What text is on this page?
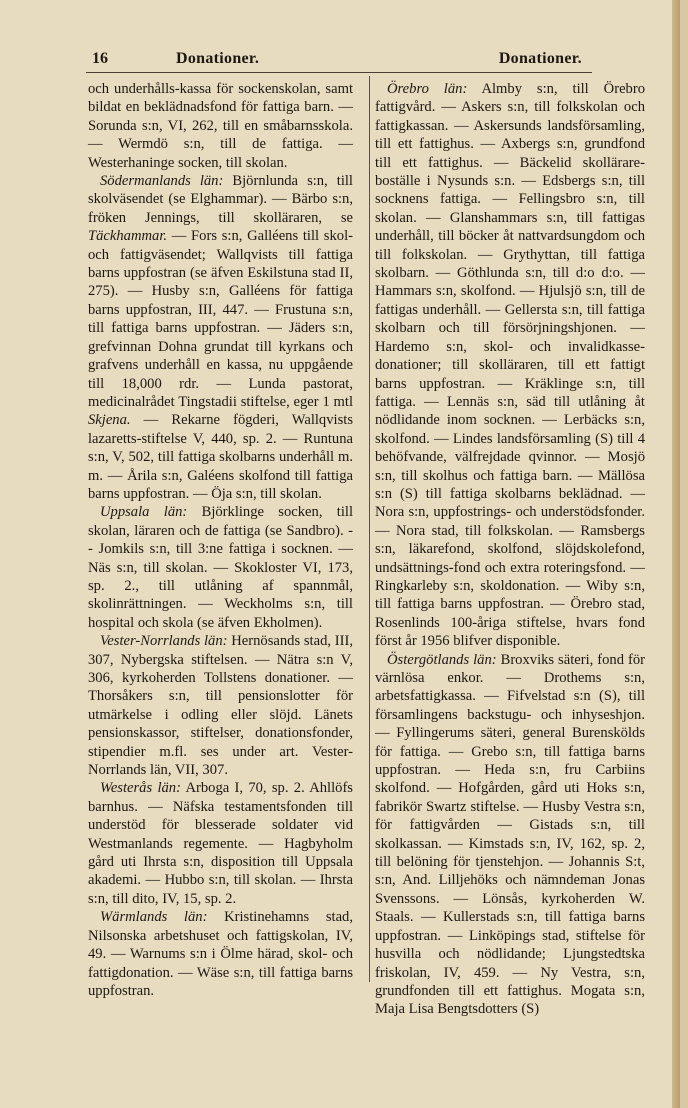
16	Donationer.	Donationer.

och underhålls-kassa för sockenskolan, samt bildat en beklädnadsfond för fattiga barn. — Sorunda s:n, VI, 262, till en småbarnsskola. — Wermdö s:n, till de fattiga. — Westerhaninge socken, till skolan.

Södermanlands län: Björnlunda s:n, till skolväsendet (se Elghammar). — Bärbo s:n, fröken Jennings, till skolläraren, se Täckhammar. — Fors s:n, Galléens till skol- och fattigväsendet; Wallqvists till fattiga barns uppfostran (se äfven Eskilstuna stad II, 275). — Husby s:n, Galléens för fattiga barns uppfostran, III, 447. — Frustuna s:n, till fattiga barns uppfostran. — Jäders s:n, grefvinnan Dohna grundat till kyrkans och grafvens underhåll en kassa, nu uppgående till 18,000 rdr. — Lunda pastorat, medicinalrådet Tingstadii stiftelse, eger 1 mtl Skjena. — Rekarne fögderi, Wallqvists lazaretts-stiftelse V, 440, sp. 2. — Runtuna s:n, V, 502, till fattiga skolbarns underhåll m. m. — Årila s:n, Galéens skolfond till fattiga barns uppfostran. — Öja s:n, till skolan.

Uppsala län: Björklinge socken, till skolan, läraren och de fattiga (se Sandbro). - - Jomkils s:n, till 3:ne fattiga i socknen. — Näs s:n, till skolan. — Skokloster VI, 173, sp. 2., till utlåning af spannmål, skolinrättningen. — Weckholms s:n, till hospital och skola (se äfven Ekholmen).

Vester-Norrlands län: Hernösands stad, III, 307, Nybergska stiftelsen. — Nätra s:n V, 306, kyrkoherden Tollstens donationer. — Thorsåkers s:n, till pensionslotter för utmärkelse i odling eller slöjd. Länets pensionskassor, stiftelser, donationsfonder, stipendier m.fl. ses under art. Vester-Norrlands län, VII, 307.

Westerås län: Arboga I, 70, sp. 2. Ahllöfs barnhus. — Näfska testamentsfonden till understöd för blesserade soldater vid Westmanlands regemente. — Hagbyholm gård uti Ihrsta s:n, disposition till Uppsala akademi. — Hubbo s:n, till skolan. — Ihrsta s:n, till dito, IV, 15, sp. 2.

Wärmlands län: Kristinehamns stad, Nilsonska arbetshuset och fattigskolan, IV, 49. — Warnums s:n i Ölme härad, skol- och fattigdonation. — Wäse s:n, till fattiga barns uppfostran.

Örebro län: Almby s:n, till Örebro fattigvård. — Askers s:n, till folkskolan och fattigkassan. — Askersunds landsförsamling, till ett fattighus. — Axbergs s:n, grundfond till ett fattighus. — Bäckelid skollärare-boställe i Nysunds s:n. — Edsbergs s:n, till socknens fattiga. — Fellingsbro s:n, till skolan. — Glanshammars s:n, till fattigas underhåll, till böcker åt nattvardsungdom och till folkskolan. — Grythyttan, till fattiga skolbarn. — Göthlunda s:n, till d:o d:o. — Hammars s:n, skolfond. — Hjulsjö s:n, till de fattigas underhåll. — Gellersta s:n, till fattiga skolbarn och till försörjningshjonen. — Hardemo s:n, skol- och invalidkasse-donationer; till skolläraren, till ett fattigt barns uppfostran. — Kräklinge s:n, till fattiga. — Lennäs s:n, säd till utlåning åt nödlidande inom socknen. — Lerbäcks s:n, skolfond. — Lindes landsförsamling (S) till 4 behöfvande, välfrejdade qvinnor. — Mosjö s:n, till skolhus och fattiga barn. — Mällösa s:n (S) till fattiga skolbarns beklädnad. — Nora s:n, uppfostrings- och understödsfonder. — Nora stad, till folkskolan. — Ramsbergs s:n, läkarefond, skolfond, slöjdskolefond, undsättnings-fond och extra roteringsfond. — Ringkarleby s:n, skoldonation. — Wiby s:n, till fattiga barns uppfostran. — Örebro stad, Rosenlinds 100-åriga stiftelse, hvars fond först år 1956 blifver disponible.

Östergötlands län: Broxviks säteri, fond för värnlösa enkor. — Drothems s:n, arbetsfattigkassa. — Fifvelstad s:n (S), till församlingens backstugu- och inhyseshjon. — Fyllingerums säteri, general Burenskölds för fattiga. — Grebo s:n, till fattiga barns uppfostran. — Heda s:n, fru Carbiins skolfond. — Hofgården, gård uti Hoks s:n, fabrikör Swartz stiftelse. — Husby Vestra s:n, för fattigvården — Gistads s:n, till skolkassan. — Kimstads s:n, IV, 162, sp. 2, till belöning för tjenstehjon. — Johannis S:t, s:n, And. Lilljehöks och nämndeman Jonas Svenssons. — Lönsås, kyrkoherden W. Staals. — Kullerstads s:n, till fattiga barns uppfostran. — Linköpings stad, stiftelse för husvilla och nödlidande; Ljungstedtska friskolan, IV, 459. — Ny Vestra, s:n, grundfonden till ett fattighus. Mogata s:n, Maja Lisa Bengtsdotters (S)
